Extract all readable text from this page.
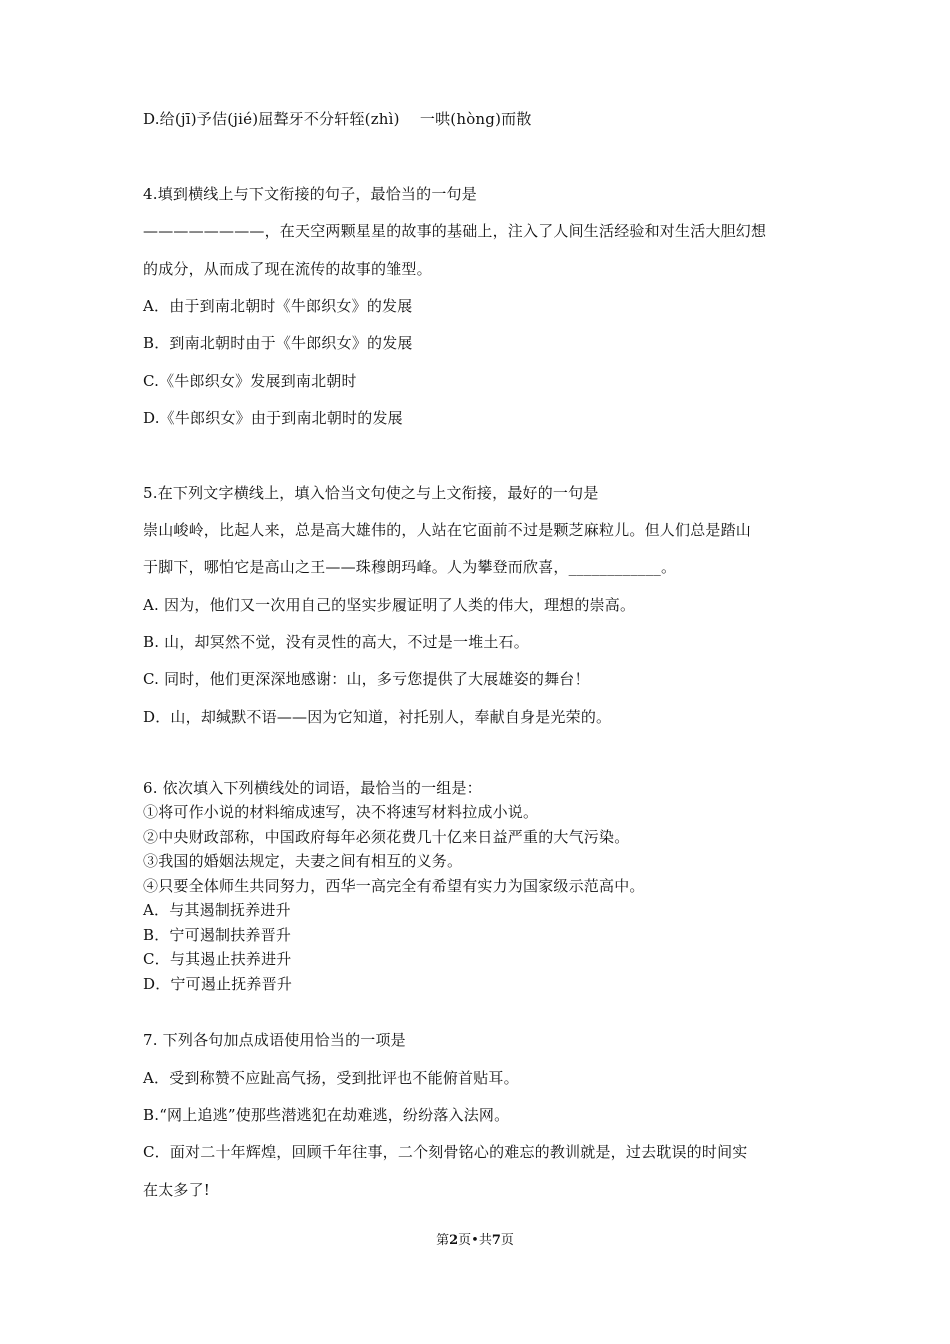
D.给(jī)予佶(jié)屈聱牙不分轩轾(zhì)　 一哄(hòng)而散
4.填到横线上与下文衔接的句子，最恰当的一句是
————————，在天空两颗星星的故事的基础上，注入了人间生活经验和对生活大胆幻想
的成分，从而成了现在流传的故事的雏型。
A．由于到南北朝时《牛郎织女》的发展
B．到南北朝时由于《牛郎织女》的发展
C.《牛郎织女》发展到南北朝时
D.《牛郎织女》由于到南北朝时的发展
5.在下列文字横线上，填入恰当文句使之与上文衔接，最好的一句是
崇山峻岭，比起人来，总是高大雄伟的，人站在它面前不过是颗芝麻粒儿。但人们总是踏山
于脚下，哪怕它是高山之王——珠穆朗玛峰。人为攀登而欣喜，____________。
A. 因为，他们又一次用自己的坚实步履证明了人类的伟大，理想的崇高。
B. 山，却冥然不觉，没有灵性的高大，不过是一堆土石。
C. 同时，他们更深深地感谢：山，多亏您提供了大展雄姿的舞台！
D．山，却缄默不语——因为它知道，衬托别人，奉献自身是光荣的。
6. 依次填入下列横线处的词语，最恰当的一组是：
①将可作小说的材料缩成速写，决不将速写材料拉成小说。
②中央财政部称，中国政府每年必须花费几十亿来日益严重的大气污染。
③我国的婚姻法规定，夫妻之间有相互的义务。
④只要全体师生共同努力，西华一高完全有希望有实力为国家级示范高中。
A．与其遏制抚养进升
B．宁可遏制扶养晋升
C．与其遏止扶养进升
D．宁可遏止抚养晋升
7. 下列各句加点成语使用恰当的一项是
A．受到称赞不应趾高气扬，受到批评也不能俯首贴耳。
B.“网上追逃”使那些潜逃犯在劫难逃，纷纷落入法网。
C．面对二十年辉煌，回顾千年往事，二个刻骨铭心的难忘的教训就是，过去耽误的时间实
在太多了!
第2页•共7页
